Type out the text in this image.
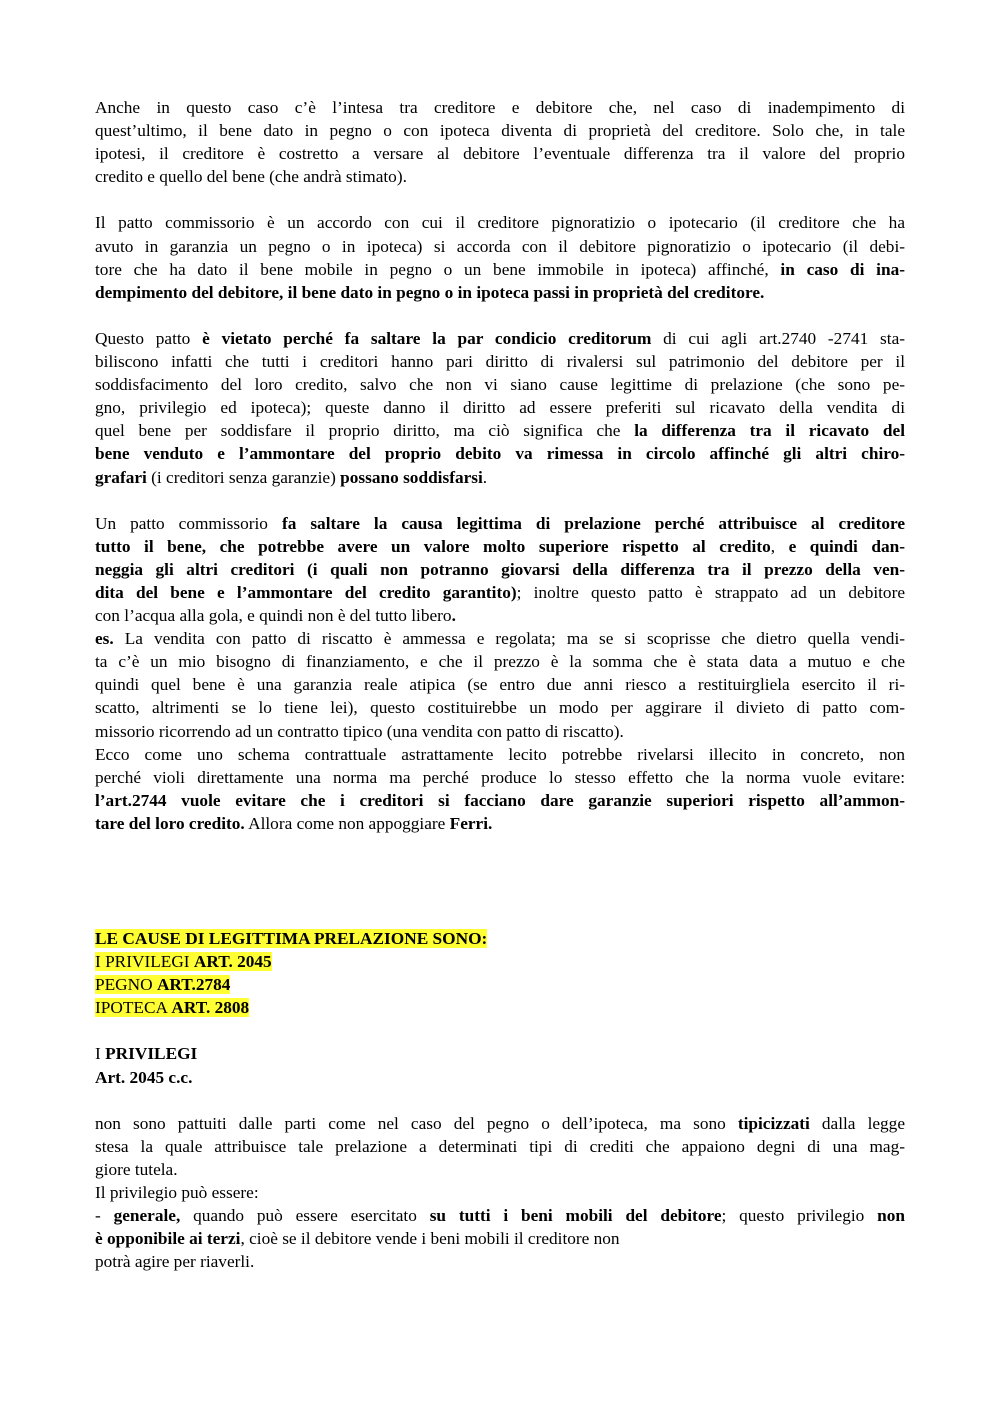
Anche in questo caso c’è l’intesa tra creditore e debitore che, nel caso di inadempimento di
quest’ultimo, il bene dato in pegno o con ipoteca diventa di proprietà del creditore. Solo che, in tale
ipotesi, il creditore è costretto a versare al debitore l’eventuale differenza tra il valore del proprio
credito e quello del bene (che andrà stimato).
Il patto commissorio è un accordo con cui il creditore pignoratizio o ipotecario (il creditore che ha
avuto in garanzia un pegno o in ipoteca) si accorda con il debitore pignoratizio o ipotecario (il debi-
tore che ha dato il bene mobile in pegno o un bene immobile in ipoteca) affinché, in caso di ina-
dempimento del debitore, il bene dato in pegno o in ipoteca passi in proprietà del creditore.
Questo patto è vietato perché fa saltare la par condicio creditorum di cui agli art.2740 -2741 sta-
biliscono infatti che tutti i creditori hanno pari diritto di rivalersi sul patrimonio del debitore per il
soddisfacimento del loro credito, salvo che non vi siano cause legittime di prelazione (che sono pe-
gno, privilegio ed ipoteca); queste danno il diritto ad essere preferiti sul ricavato della vendita di
quel bene per soddisfare il proprio diritto, ma ciò significa che la differenza tra il ricavato del
bene venduto e l’ammontare del proprio debito va rimessa in circolo affinché gli altri chiro-
grafari (i creditori senza garanzie) possano soddisfarsi.
Un patto commissorio fa saltare la causa legittima di prelazione perché attribuisce al creditore
tutto il bene, che potrebbe avere un valore molto superiore rispetto al credito, e quindi dan-
neggia gli altri creditori (i quali non potranno giovarsi della differenza tra il prezzo della ven-
dita del bene e l’ammontare del credito garantito); inoltre questo patto è strappato ad un debitore
con l’acqua alla gola, e quindi non è del tutto libero.
es. La vendita con patto di riscatto è ammessa e regolata; ma se si scoprisse che dietro quella vendi-
ta c’è un mio bisogno di finanziamento, e che il prezzo è la somma che è stata data a mutuo e che
quindi quel bene è una garanzia reale atipica (se entro due anni riesco a restituirgliela esercito il ri-
scatto, altrimenti se lo tiene lei), questo costituirebbe un modo per aggirare il divieto di patto com-
missorio ricorrendo ad un contratto tipico (una vendita con patto di riscatto).
Ecco come uno schema contrattuale astrattamente lecito potrebbe rivelarsi illecito in concreto, non
perché violi direttamente una norma ma perché produce lo stesso effetto che la norma vuole evitare:
l’art.2744 vuole evitare che i creditori si facciano dare garanzie superiori rispetto all’ammon-
tare del loro credito. Allora come non appoggiare Ferri.
LE CAUSE DI LEGITTIMA PRELAZIONE SONO:
I PRIVILEGI ART. 2045
PEGNO ART.2784
IPOTECA ART. 2808
I PRIVILEGI
Art. 2045 c.c.
non sono pattuiti dalle parti come nel caso del pegno o dell’ipoteca, ma sono tipicizzati dalla legge
stesa la quale attribuisce tale prelazione a determinati tipi di crediti che appaiono degni di una mag-
giore tutela.
Il privilegio può essere:
- generale, quando può essere esercitato su tutti i beni mobili del debitore; questo privilegio non
è opponibile ai terzi, cioè se il debitore vende i beni mobili il creditore non
potrà agire per riaverli.
